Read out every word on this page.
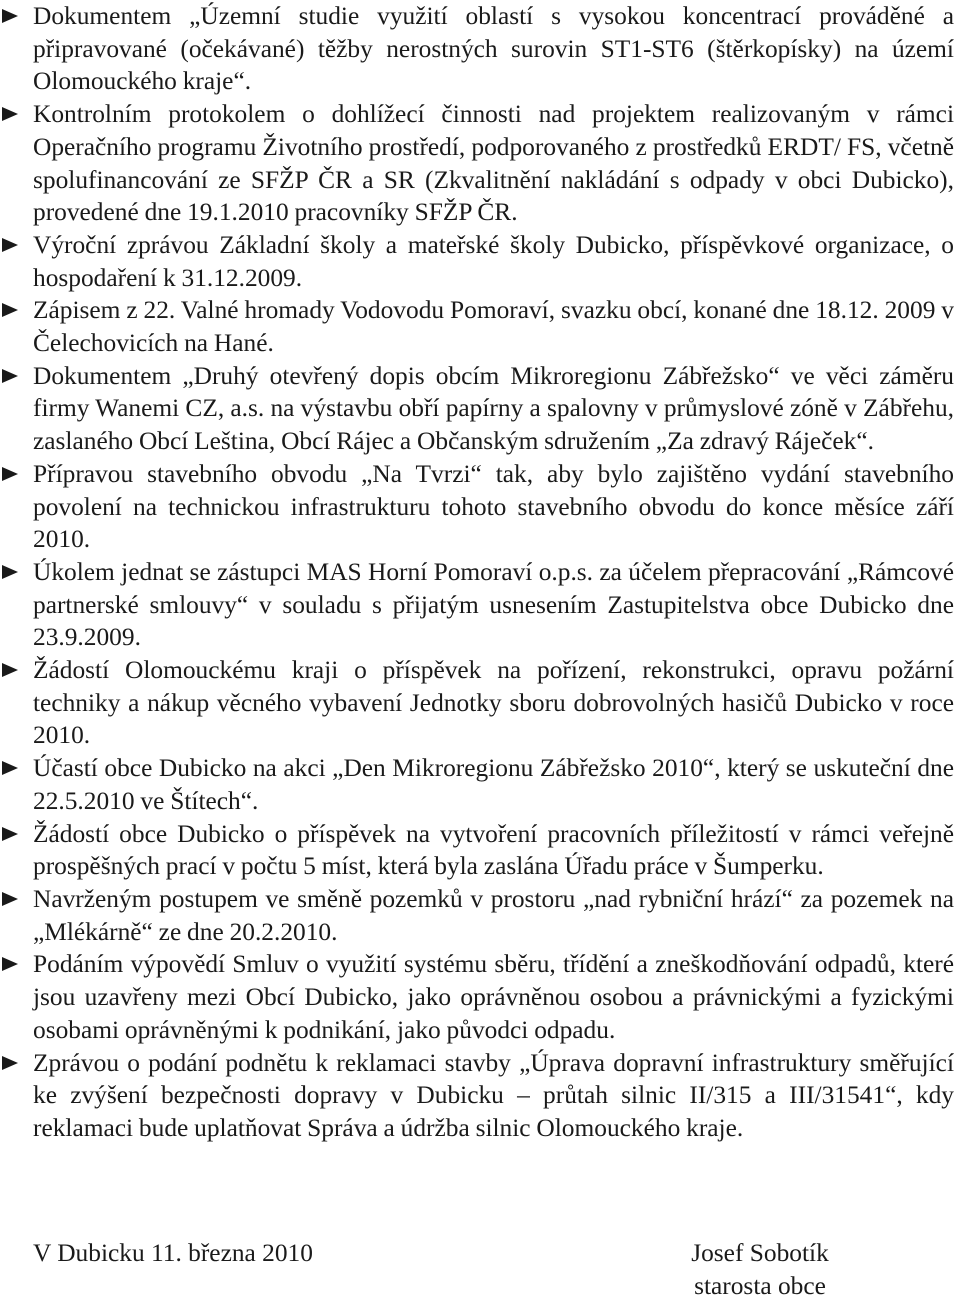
Dokumentem „Územní studie využití oblastí s vysokou koncentrací prováděné a připravované (očekávané) těžby nerostných surovin ST1-ST6 (štěrkopísky) na území Olomouckého kraje“.
Kontrolním protokolem o dohlížecí činnosti nad projektem realizovaným v rámci Operačního programu Životního prostředí, podporovaného z prostředků ERDT/ FS, včetně spolufinancování ze SFŽP ČR a SR (Zkvalitnění nakládání s odpady v obci Dubicko), provedené dne 19.1.2010 pracovníky SFŽP ČR.
Výroční zprávou Základní školy a mateřské školy Dubicko, příspěvkové organizace, o hospodaření k 31.12.2009.
Zápisem z 22. Valné hromady Vodovodu Pomoraví, svazku obcí, konané dne 18.12. 2009 v Čelechovicích na Hané.
Dokumentem „Druhý otevřený dopis obcím Mikroregionu Zábřežsko“ ve věci záměru firmy Wanemi CZ, a.s. na výstavbu obří papírny a spalovny v průmyslové zóně v Zábřehu, zaslaného Obcí Leština, Obcí Rájec a Občanským sdružením „Za zdravý Ráječek“.
Přípravou stavebního obvodu „Na Tvrzi“ tak, aby bylo zajištěno vydání stavebního povolení na technickou infrastrukturu tohoto stavebního obvodu do konce měsíce září 2010.
Úkolem jednat se zástupci MAS Horní Pomoraví o.p.s. za účelem přepracování „Rámcové partnerské smlouvy“ v souladu s přijatým usnesením Zastupitelstva obce Dubicko dne 23.9.2009.
Žádostí Olomouckému kraji o příspěvek na pořízení, rekonstrukci, opravu požární techniky a nákup věcného vybavení Jednotky sboru dobrovolných hasičů Dubicko v roce 2010.
Účastí obce Dubicko na akci „Den Mikroregionu Zábřežsko 2010“, který se uskuteční dne 22.5.2010 ve Štítech“.
Žádostí obce Dubicko o příspěvek na vytvoření pracovních příležitostí v rámci veřejně prospěšných prací v počtu 5 míst, která byla zaslána Úřadu práce v Šumperku.
Navrženým postupem ve směně pozemků v prostoru „nad rybniční hrází“ za pozemek na „Mlékárně“ ze dne 20.2.2010.
Podáním výpovědí Smluv o využití systému sběru, třídění a zneškodňování odpadů, které jsou uzavřeny mezi Obcí Dubicko, jako oprávněnou osobou a právnickými a fyzickými osobami oprávněnými k podnikání, jako původci odpadu.
Zprávou o podání podnětu k reklamaci stavby „Úprava dopravní infrastruktury směřující ke zvýšení bezpečnosti dopravy v Dubicku – průtah silnic II/315 a III/31541“, kdy reklamaci bude uplatňovat Správa a údržba silnic Olomouckého kraje.
V Dubicku 11. března 2010	Josef Sobotík
starosta obce
